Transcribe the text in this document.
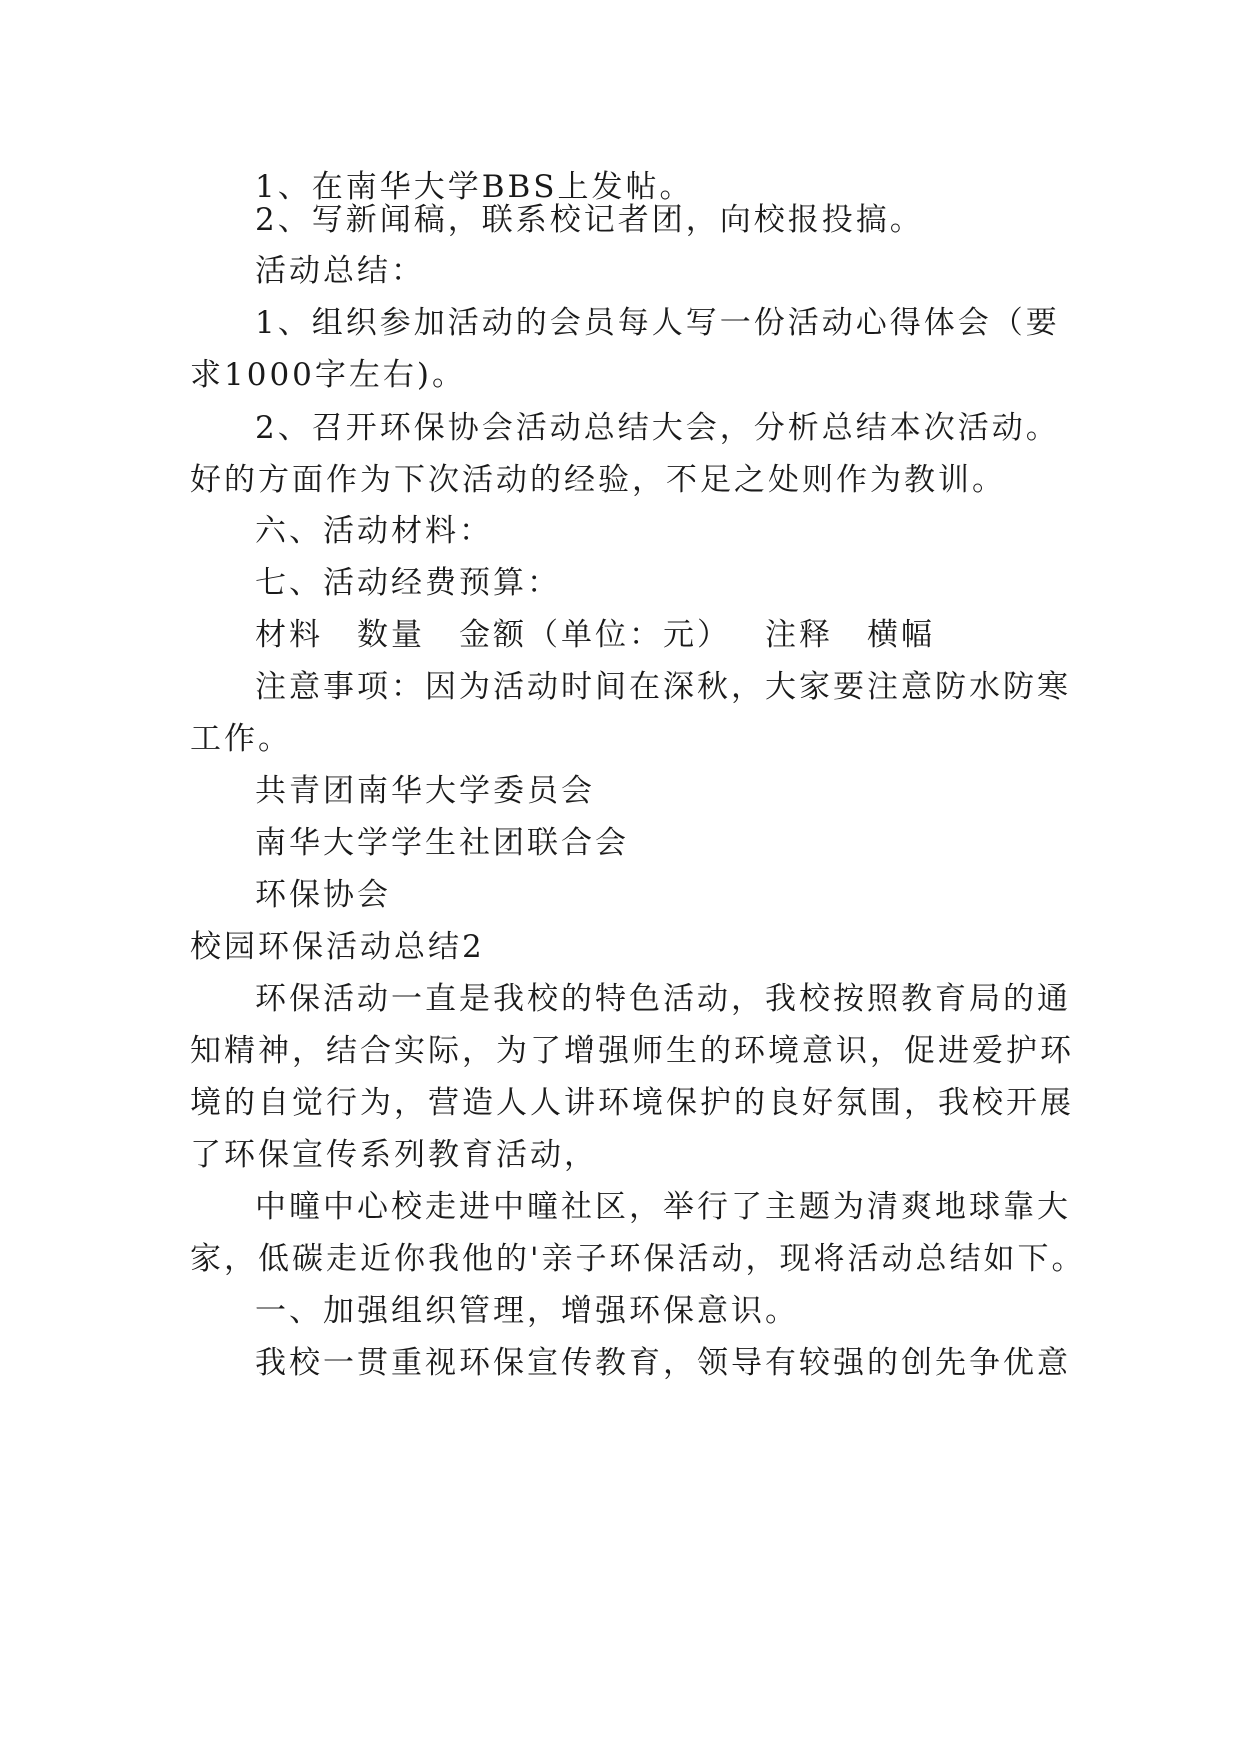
1、在南华大学BBS上发帖。
2、写新闻稿，联系校记者团，向校报投搞。
活动总结：
1、组织参加活动的会员每人写一份活动心得体会（要
求1000字左右)。
2、召开环保协会活动总结大会，分析总结本次活动。
好的方面作为下次活动的经验，不足之处则作为教训。
六、活动材料：
七、活动经费预算：
材料 数量 金额（单位：元） 注释 横幅
注意事项：因为活动时间在深秋，大家要注意防水防寒
工作。
共青团南华大学委员会
南华大学学生社团联合会
环保协会
校园环保活动总结2
环保活动一直是我校的特色活动，我校按照教育局的通
知精神，结合实际，为了增强师生的环境意识，促进爱护环
境的自觉行为，营造人人讲环境保护的良好氛围，我校开展
了环保宣传系列教育活动，
中曈中心校走进中曈社区，举行了主题为清爽地球靠大
家，低碳走近你我他的'亲子环保活动，现将活动总结如下。
一、加强组织管理，增强环保意识。
我校一贯重视环保宣传教育，领导有较强的创先争优意
